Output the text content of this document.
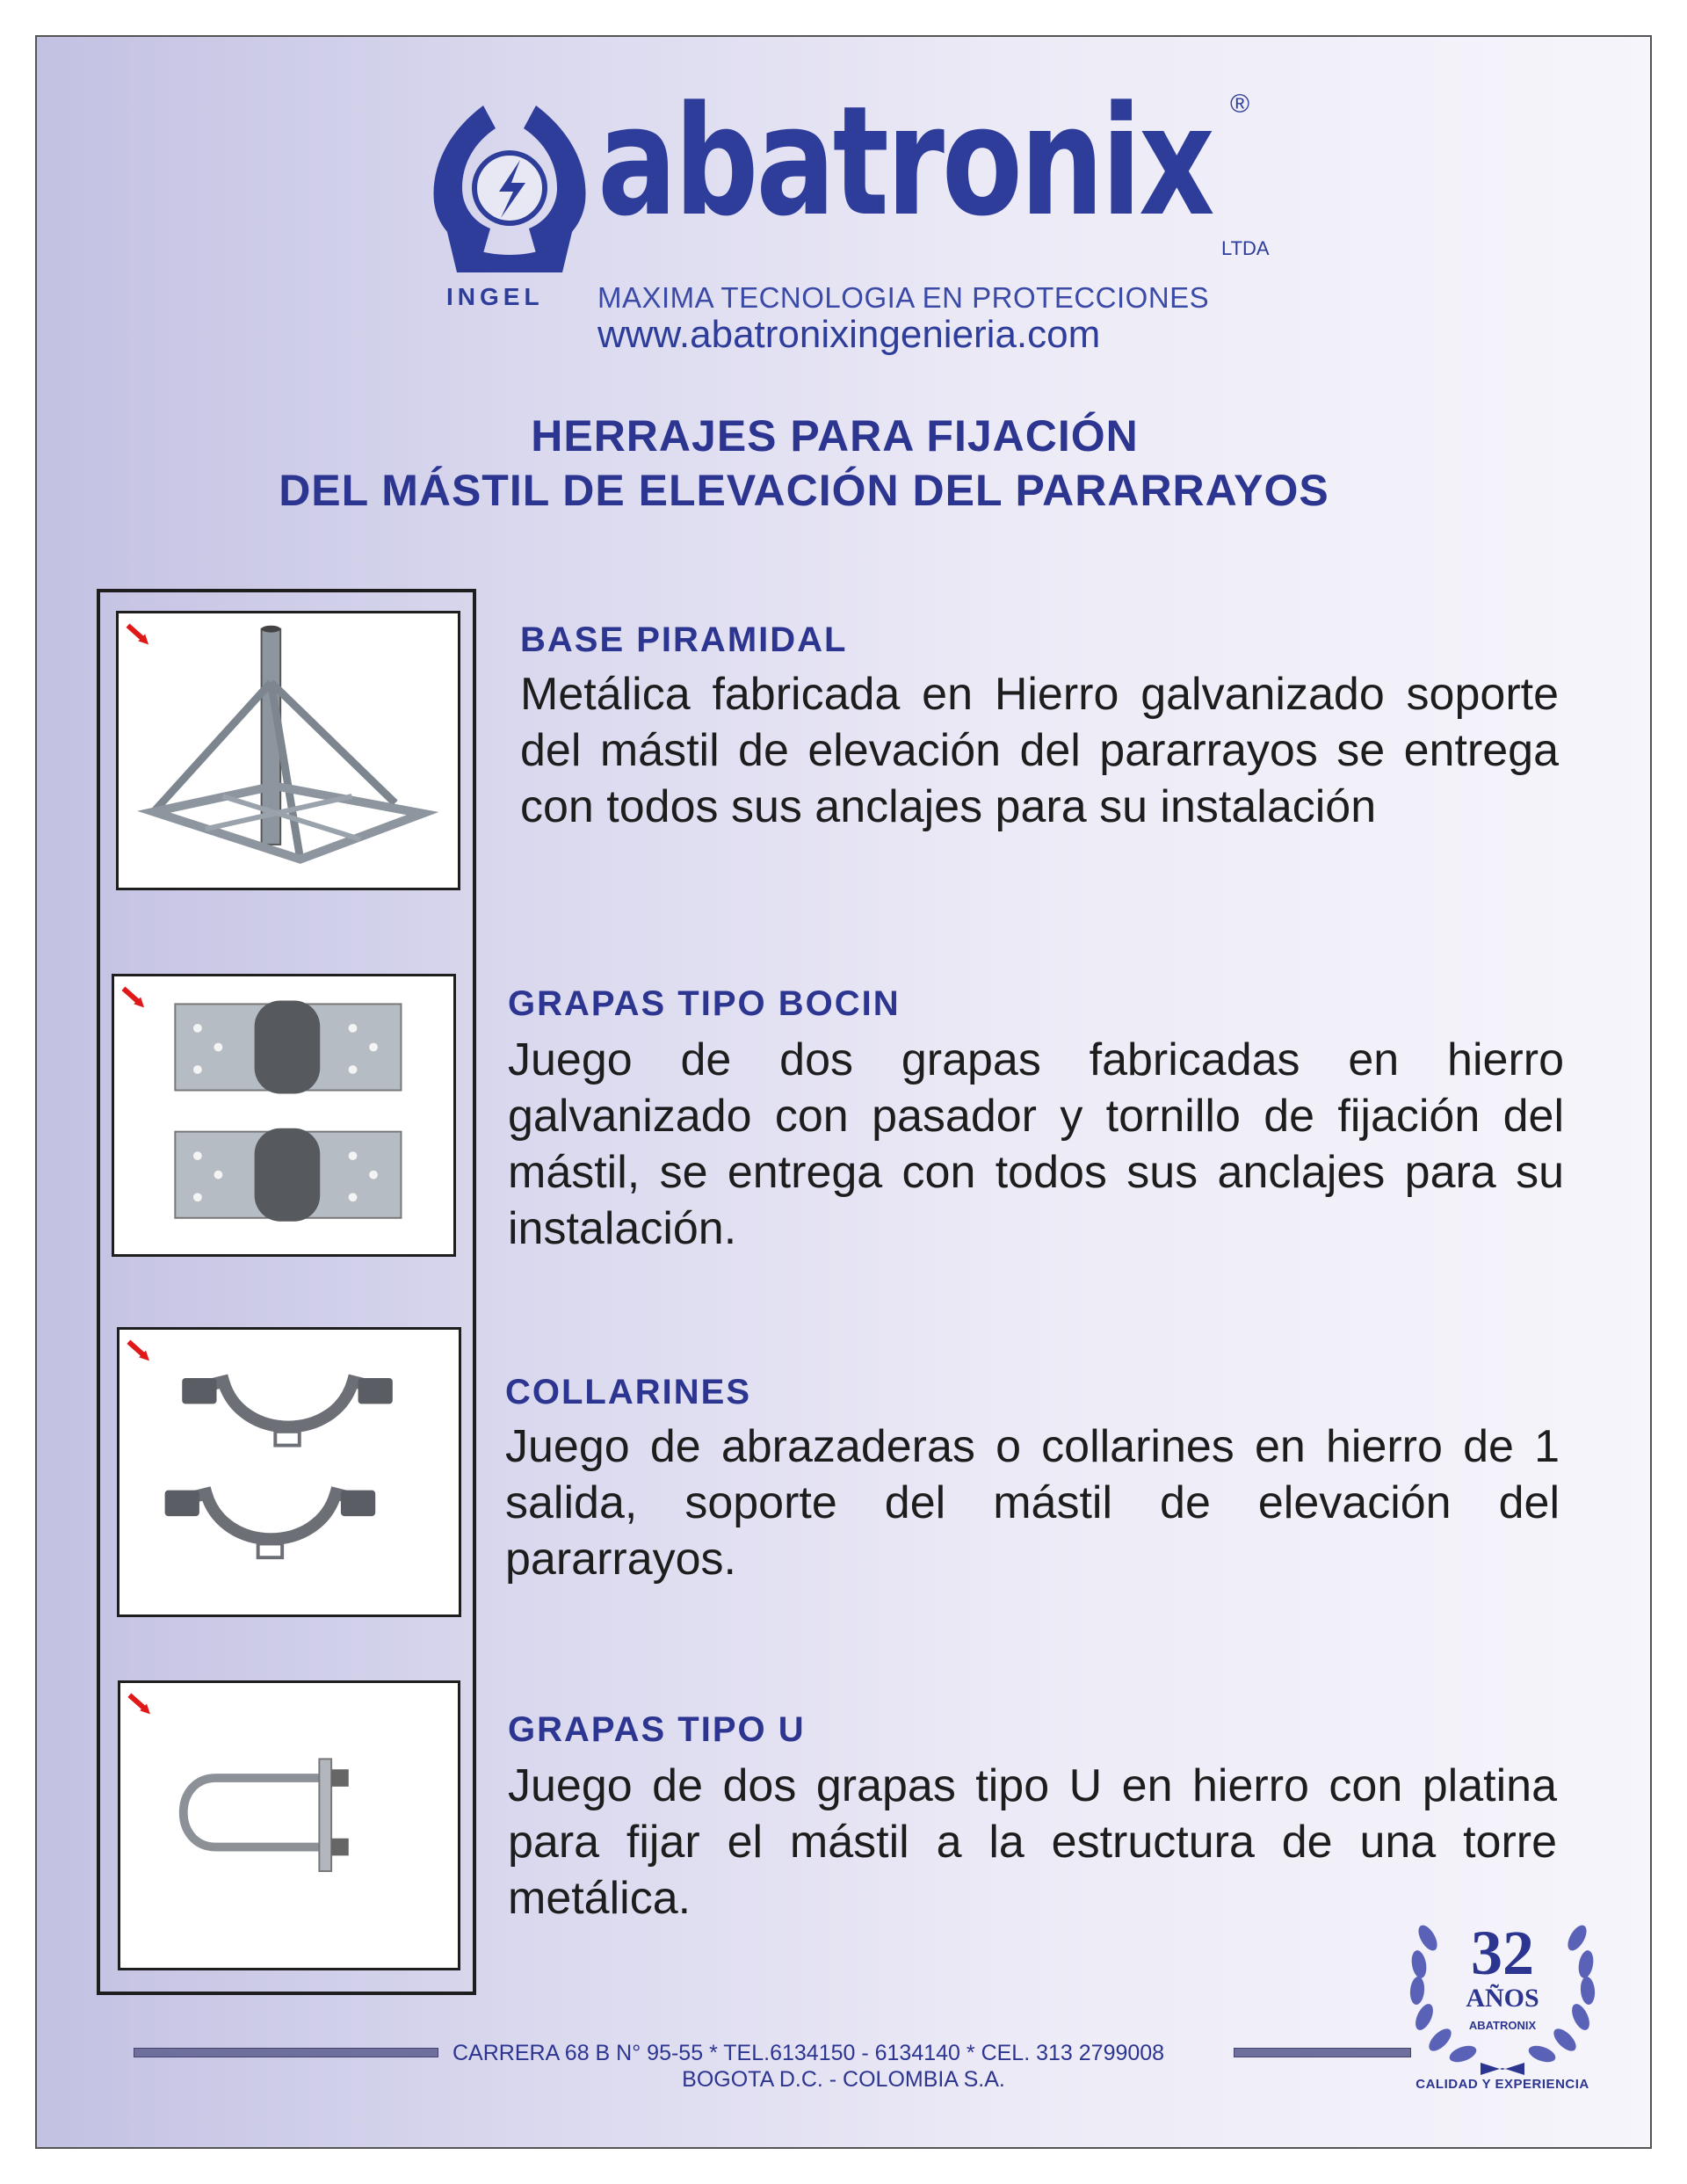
abatronix ®
LTDA
INGEL MAXIMA TECNOLOGIA EN PROTECCIONES
www.abatronixingenieria.com
HERRAJES PARA FIJACIÓN
DEL MÁSTIL DE ELEVACIÓN DEL PARARRAYOS
BASE PIRAMIDAL
Metálica fabricada en Hierro galvanizado soporte del mástil de elevación del pararrayos se entrega con todos sus anclajes para su instalación
GRAPAS TIPO BOCIN
Juego de dos grapas fabricadas en hierro galvanizado con pasador y tornillo de fijación del mástil, se entrega con todos sus anclajes para su instalación.
COLLARINES
Juego de abrazaderas o collarines en hierro de 1 salida, soporte del mástil de elevación del pararrayos.
GRAPAS TIPO U
Juego de dos grapas tipo U en hierro con platina para fijar el mástil a la estructura de una torre metálica.
CARRERA 68 B N° 95-55 * TEL.6134150 - 6134140 * CEL. 313 2799008
BOGOTA D.C. - COLOMBIA S.A.
32
AÑOS
ABATRONIX
CALIDAD Y EXPERIENCIA
